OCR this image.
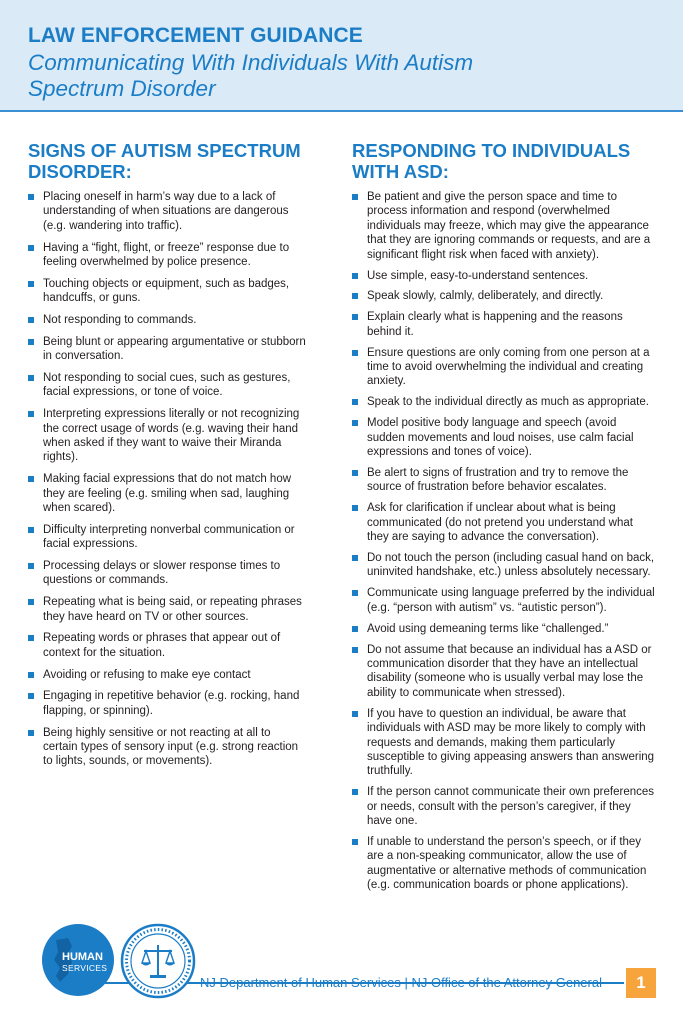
LAW ENFORCEMENT GUIDANCE
Communicating With Individuals With Autism Spectrum Disorder
SIGNS OF AUTISM SPECTRUM DISORDER:
Placing oneself in harm’s way due to a lack of understanding of when situations are dangerous (e.g. wandering into traffic).
Having a “fight, flight, or freeze” response due to feeling overwhelmed by police presence.
Touching objects or equipment, such as badges, handcuffs, or guns.
Not responding to commands.
Being blunt or appearing argumentative or stubborn in conversation.
Not responding to social cues, such as gestures, facial expressions, or tone of voice.
Interpreting expressions literally or not recognizing the correct usage of words (e.g. waving their hand when asked if they want to waive their Miranda rights).
Making facial expressions that do not match how they are feeling (e.g. smiling when sad, laughing when scared).
Difficulty interpreting nonverbal communication or facial expressions.
Processing delays or slower response times to questions or commands.
Repeating what is being said, or repeating phrases they have heard on TV or other sources.
Repeating words or phrases that appear out of context for the situation.
Avoiding or refusing to make eye contact
Engaging in repetitive behavior (e.g. rocking, hand flapping, or spinning).
Being highly sensitive or not reacting at all to certain types of sensory input (e.g. strong reaction to lights, sounds, or movements).
RESPONDING TO INDIVIDUALS WITH ASD:
Be patient and give the person space and time to process information and respond (overwhelmed individuals may freeze, which may give the appearance that they are ignoring commands or requests, and are a significant flight risk when faced with anxiety).
Use simple, easy-to-understand sentences.
Speak slowly, calmly, deliberately, and directly.
Explain clearly what is happening and the reasons behind it.
Ensure questions are only coming from one person at a time to avoid overwhelming the individual and creating anxiety.
Speak to the individual directly as much as appropriate.
Model positive body language and speech (avoid sudden movements and loud noises, use calm facial expressions and tones of voice).
Be alert to signs of frustration and try to remove the source of frustration before behavior escalates.
Ask for clarification if unclear about what is being communicated (do not pretend you understand what they are saying to advance the conversation).
Do not touch the person (including casual hand on back, uninvited handshake, etc.) unless absolutely necessary.
Communicate using language preferred by the individual (e.g. “person with autism” vs. “autistic person”).
Avoid using demeaning terms like “challenged.”
Do not assume that because an individual has a ASD or communication disorder that they have an intellectual disability (someone who is usually verbal may lose the ability to communicate when stressed).
If you have to question an individual, be aware that individuals with ASD may be more likely to comply with requests and demands, making them particularly susceptible to giving appeasing answers than answering truthfully.
If the person cannot communicate their own preferences or needs, consult with the person’s caregiver, if they have one.
If unable to understand the person’s speech, or if they are a non-speaking communicator, allow the use of augmentative or alternative methods of communication (e.g. communication boards or phone applications).
HUMAN
SERVICES
NJ Department of Human Services | NJ Office of the Attorney General	1
